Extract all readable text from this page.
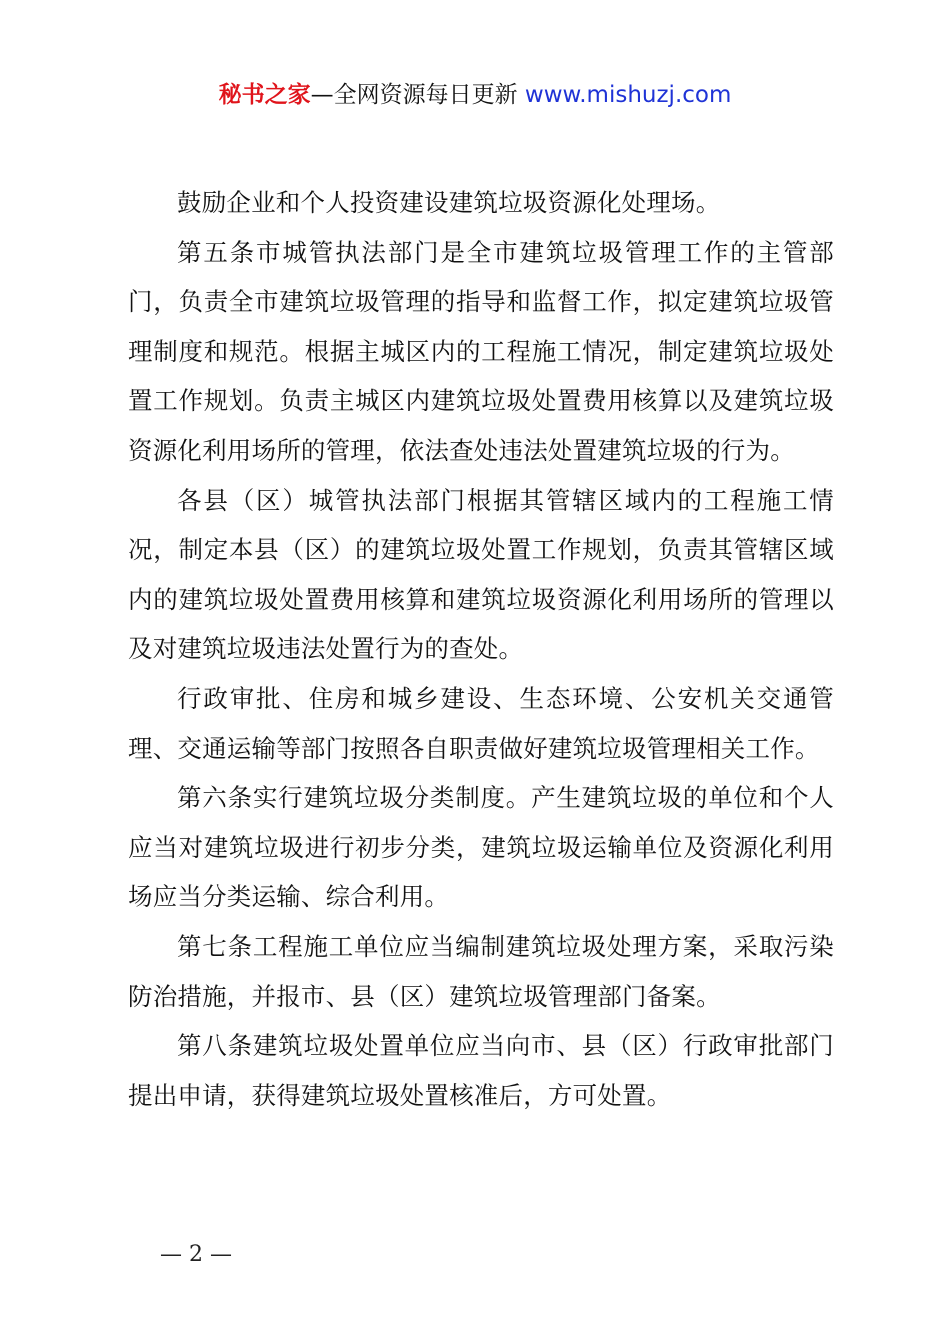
秘书之家—全网资源每日更新 www.mishuzj.com

鼓励企业和个人投资建设建筑垃圾资源化处理场。

第五条市城管执法部门是全市建筑垃圾管理工作的主管部门，负责全市建筑垃圾管理的指导和监督工作，拟定建筑垃圾管理制度和规范。根据主城区内的工程施工情况，制定建筑垃圾处置工作规划。负责主城区内建筑垃圾处置费用核算以及建筑垃圾资源化利用场所的管理，依法查处违法处置建筑垃圾的行为。

各县（区）城管执法部门根据其管辖区域内的工程施工情况，制定本县（区）的建筑垃圾处置工作规划，负责其管辖区域内的建筑垃圾处置费用核算和建筑垃圾资源化利用场所的管理以及对建筑垃圾违法处置行为的查处。

行政审批、住房和城乡建设、生态环境、公安机关交通管理、交通运输等部门按照各自职责做好建筑垃圾管理相关工作。

第六条实行建筑垃圾分类制度。产生建筑垃圾的单位和个人应当对建筑垃圾进行初步分类，建筑垃圾运输单位及资源化利用场应当分类运输、综合利用。

第七条工程施工单位应当编制建筑垃圾处理方案，采取污染防治措施，并报市、县（区）建筑垃圾管理部门备案。

第八条建筑垃圾处置单位应当向市、县（区）行政审批部门提出申请，获得建筑垃圾处置核准后，方可处置。

— 2 —
